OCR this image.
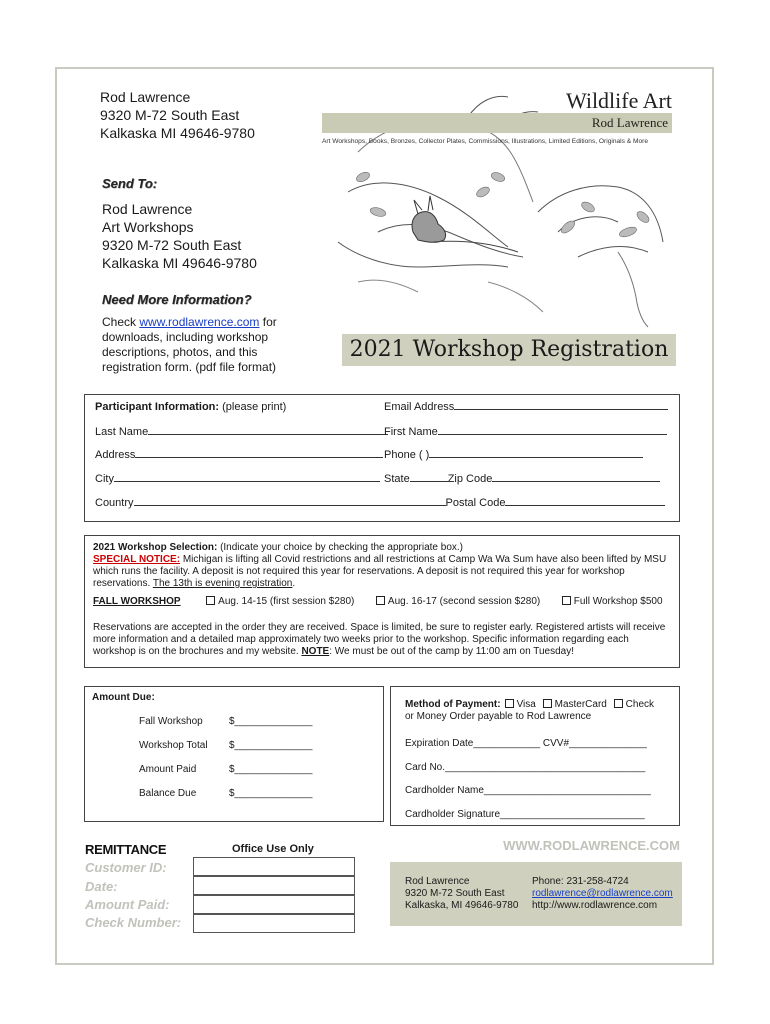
Rod Lawrence
9320 M-72 South East
Kalkaska MI 49646-9780
Wildlife Art
Rod Lawrence
Art Workshops, Books, Bronzes, Collector Plates, Commissions, Illustrations, Limited Editions, Originals & More
Send To:
Rod Lawrence
Art Workshops
9320 M-72 South East
Kalkaska MI 49646-9780
Need More Information?
Check www.rodlawrence.com for downloads, including workshop descriptions, photos, and this registration form. (pdf file format)
2021 Workshop Registration
Participant Information: (please print)	Email Address
Last Name	First Name
Address	Phone ( )
City	State	Zip Code
Country	Postal Code
2021 Workshop Selection: (Indicate your choice by checking the appropriate box.)
SPECIAL NOTICE: Michigan is lifting all Covid restrictions and all restrictions at Camp Wa Wa Sum have also been lifted by MSU which runs the facility. A deposit is not required this year for reservations. A deposit is not required this year for workshop reservations. The 13th is evening registration.
FALL WORKSHOP	Aug. 14-15 (first session $280)	Aug. 16-17 (second session $280)	Full Workshop $500
Reservations are accepted in the order they are received. Space is limited, be sure to register early. Registered artists will receive more information and a detailed map approximately two weeks prior to the workshop. Specific information regarding each workshop is on the brochures and my website. NOTE: We must be out of the camp by 11:00 am on Tuesday!
Amount Due:
Fall Workshop	$______________
Workshop Total $______________
Amount Paid	$______________
Balance Due	$______________
Method of Payment: Visa MasterCard Check
or Money Order payable to Rod Lawrence
Expiration Date____________ CVV#______________
Card No.____________________________________
Cardholder Name______________________________
Cardholder Signature__________________________
REMITTANCE
Customer ID:
Date:
Amount Paid:
Check Number:
Office Use Only	WWW.RODLAWRENCE.COM
Rod Lawrence
9320 M-72 South East
Kalkaska, MI 49646-9780
Phone: 231-258-4724
rodlawrence@rodlawrence.com
http://www.rodlawrence.com
